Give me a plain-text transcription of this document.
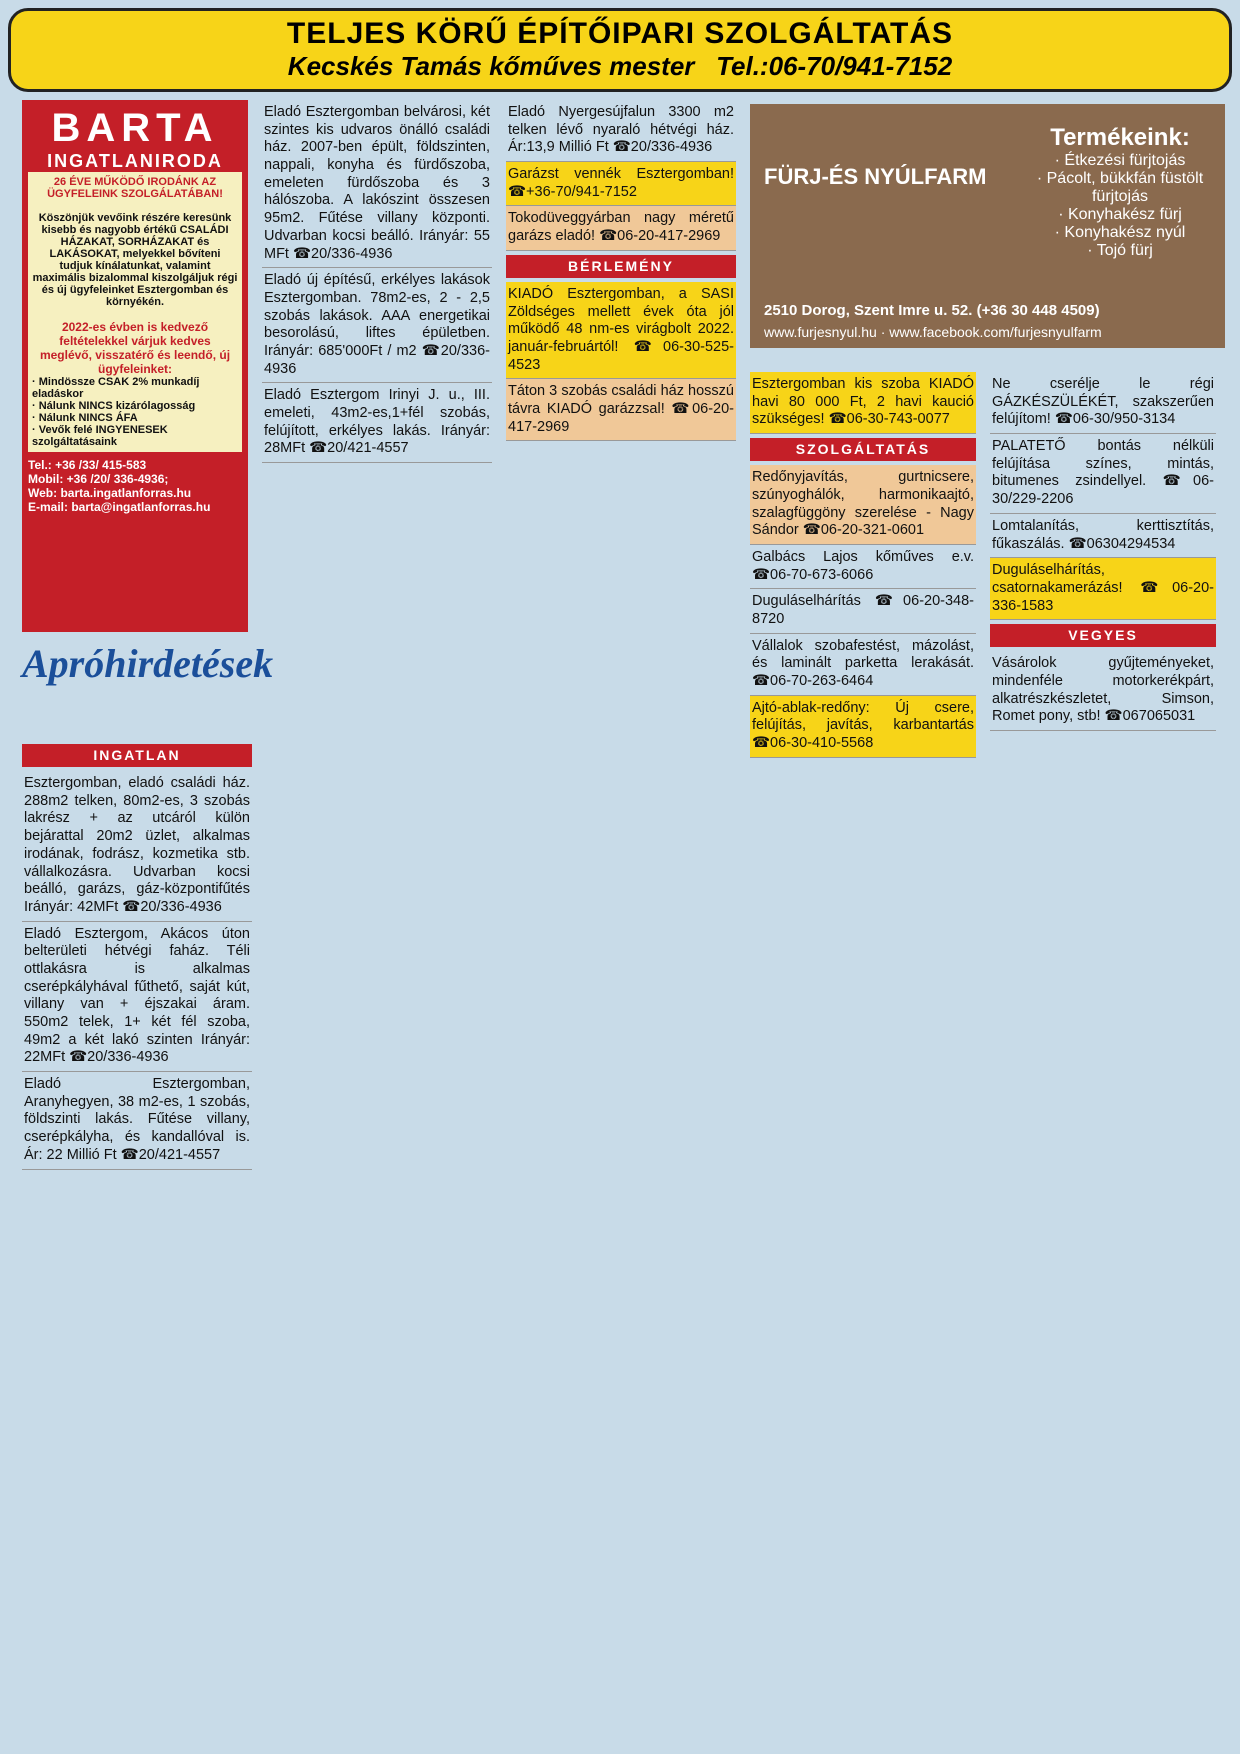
TELJES KÖRŰ ÉPÍTŐIPARI SZOLGÁLTATÁS
Kecskés Tamás kőműves mester Tel.:06-70/941-7152
BARTA
INGATLANIRODA
26 ÉVE MŰKÖDŐ IRODÁNK AZ ÜGYFELEINK SZOLGÁLATÁBAN!

Köszönjük vevőink részére keresünk kisebb és nagyobb értékű CSALÁDI HÁZAKAT, SORHÁZAKAT és LAKÁSOKAT, melyekkel bővíteni tudjuk kínálatunkat, valamint maximális bizalommal kiszolgáljuk régi és új ügyfeleinket Esztergomban és környékén.

2022-es évben is kedvező feltételekkel várjuk kedves meglévő, visszatérő és leendő, új ügyfeleinket:
· Mindössze CSAK 2% munkadíj eladáskor
· Nálunk NINCS kizárólagosság
· Nálunk NINCS ÁFA
· Vevők felé INGYENESEK szolgáltatásaink
Tel.: +36 /33/ 415-583
Mobil: +36 /20/ 336-4936;
Web: barta.ingatlanforras.hu
E-mail: barta@ingatlanforras.hu
Apróhirdetések
INGATLAN
Esztergomban, eladó családi ház. 288m2 telken, 80m2-es, 3 szobás lakrész + az utcáról külön bejárattal 20m2 üzlet, alkalmas irodának, fodrász, kozmetika stb. vállalkozásra. Udvarban kocsi beálló, garázs, gáz-központifűtés Irányár: 42MFt ☎20/336-4936
Eladó Esztergom, Akácos úton belterületi hétvégi faház. Téli ottlakásra is alkalmas cserépkályhával fűthető, saját kút, villany van + éjszakai áram. 550m2 telek, 1+ két fél szoba, 49m2 a két lakó szinten Irányár: 22MFt ☎20/336-4936
Eladó Esztergomban, Aranyhegyen, 38 m2-es, 1 szobás, földszinti lakás. Fűtése villany, cserépkályha, és kandallóval is. Ár: 22 Millió Ft ☎20/421-4557
Eladó Esztergomban belvárosi, két szintes kis udvaros önálló családi ház. 2007-ben épült, földszinten, nappali, konyha és fürdőszoba, emeleten fürdőszoba és 3 hálószoba. A lakószint összesen 95m2. Fűtése villany központi. Udvarban kocsi beálló. Irányár: 55 MFt ☎20/336-4936
Eladó új építésű, erkélyes lakások Esztergomban. 78m2-es, 2 - 2,5 szobás lakások. AAA energetikai besorolású, liftes épületben. Irányár: 685'000Ft / m2 ☎20/336-4936
Eladó Esztergom Irinyi J. u., III. emeleti, 43m2-es,1+fél szobás, felújított, erkélyes lakás. Irányár: 28MFt ☎20/421-4557
Eladó Nyergesújfalun 3300 m2 telken lévő nyaraló hétvégi ház. Ár:13,9 Millió Ft ☎20/336-4936
Garázst vennék Esztergomban! ☎+36-70/941-7152
Tokodüveggyárban nagy méretű garázs eladó! ☎06-20-417-2969
BÉRLEMÉNY
KIADÓ Esztergomban, a SASI Zöldséges mellett évek óta jól működő 48 nm-es virágbolt 2022. január-februártól! ☎06-30-525-4523
Táton 3 szobás családi ház hosszú távra KIADÓ garázzsal! ☎06-20-417-2969
FÜRJ-ÉS NYÚLFARM
Termékeink:
· Étkezési fürjtojás
· Pácolt, bükkfán füstölt fürjtojás
· Konyhakész fürj
· Konyhakész nyúl
· Tojó fürj
2510 Dorog, Szent Imre u. 52. (+36 30 448 4509)
www.furjesnyul.hu · www.facebook.com/furjesnyulfarm
Esztergomban kis szoba KIADÓ havi 80 000 Ft, 2 havi kaució szükséges! ☎06-30-743-0077
SZOLGÁLTATÁS
Redőnyjavítás, gurtnicsere, szúnyoghálók, harmonikaajtó, szalagfüggöny szerelése - Nagy Sándor ☎06-20-321-0601
Galbács Lajos kőműves e.v. ☎06-70-673-6066
Duguláselhárítás ☎06-20-348-8720
Vállalok szobafestést, mázolást, és laminált parketta lerakását. ☎06-70-263-6464
Ajtó-ablak-redőny: Új csere, felújítás, javítás, karbantartás ☎06-30-410-5568
Ne cserélje le régi GÁZKÉSZÜLÉKÉT, szakszerűen felújítom! ☎06-30/950-3134
PALATETŐ bontás nélküli felújítása színes, mintás, bitumenes zsindellyel. ☎06-30/229-2206
Lomtalanítás, kerttisztítás, fűkaszálás. ☎06304294534
Duguláselhárítás, csatornakamerázás! ☎06-20-336-1583
VEGYES
Vásárolok gyűjteményeket, mindenféle motorkerékpárt, alkatrészkészletet, Simson, Romet pony, stb! ☎067065031
